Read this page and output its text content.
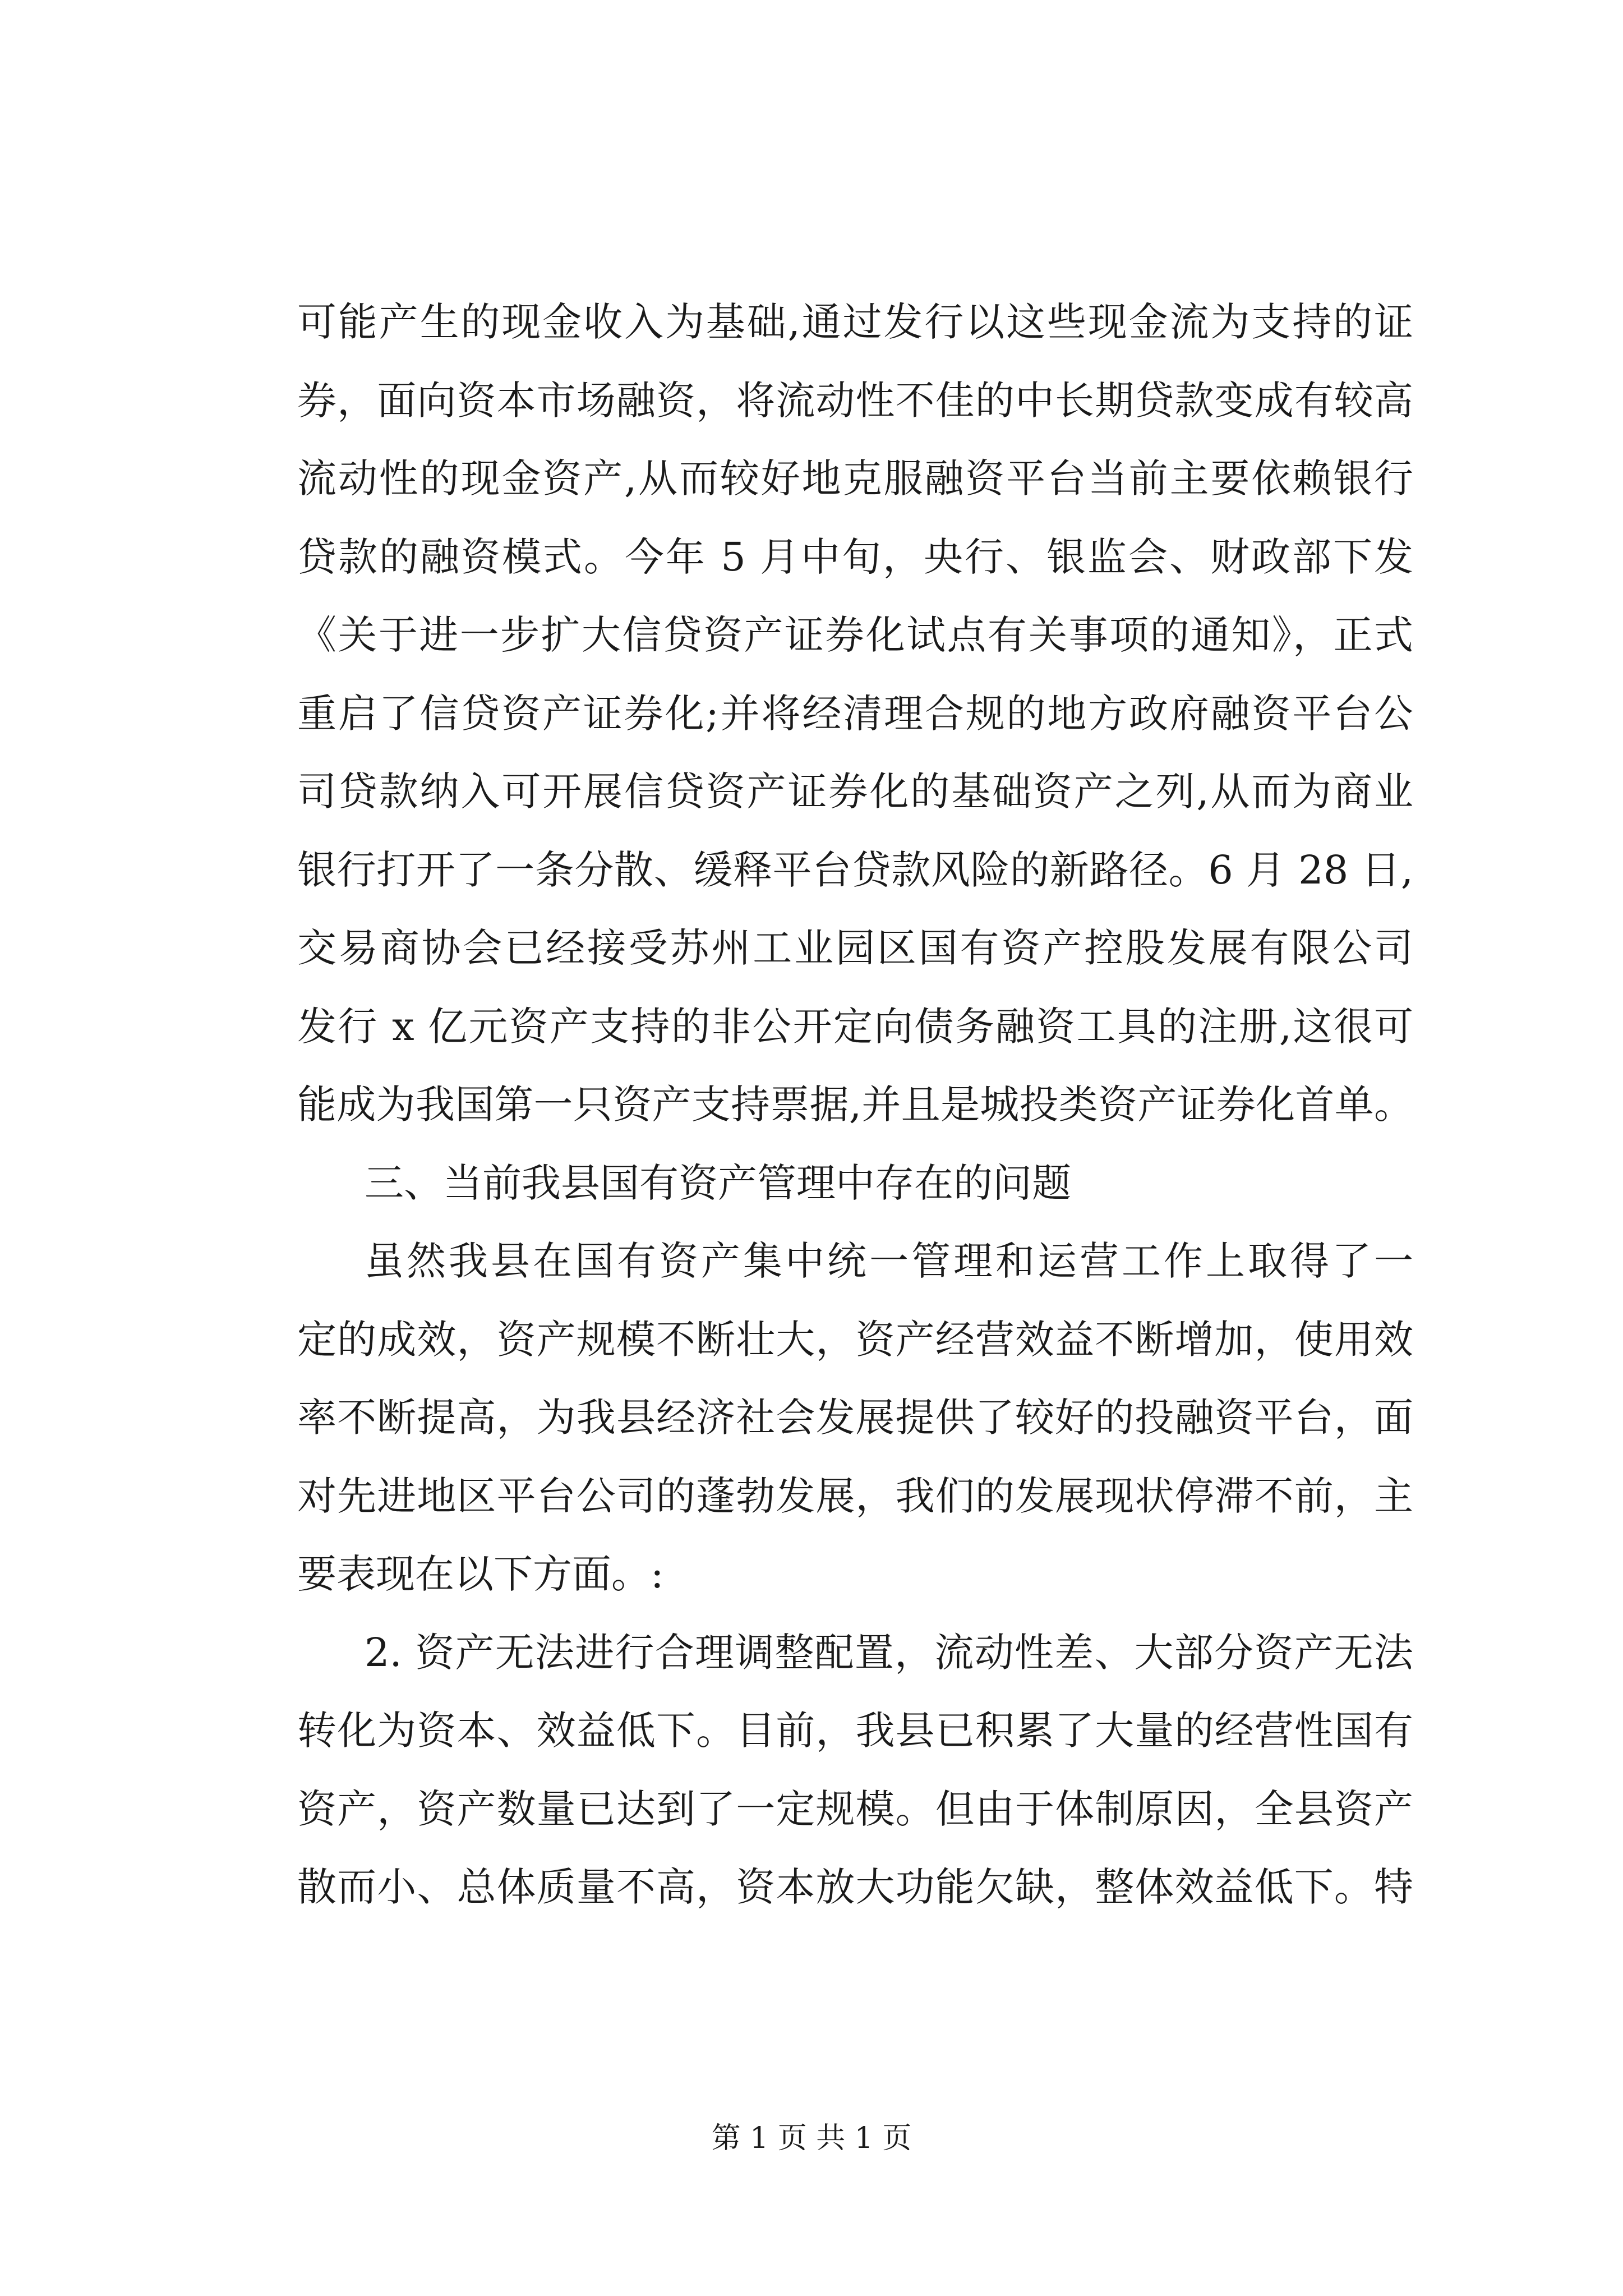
可能产生的现金收入为基础,通过发行以这些现金流为支持的证
券，面向资本市场融资，将流动性不佳的中长期贷款变成有较高
流动性的现金资产,从而较好地克服融资平台当前主要依赖银行
贷款的融资模式。今年 5 月中旬，央行、银监会、财政部下发
《关于进一步扩大信贷资产证券化试点有关事项的通知》，正式
重启了信贷资产证券化;并将经清理合规的地方政府融资平台公
司贷款纳入可开展信贷资产证券化的基础资产之列,从而为商业
银行打开了一条分散、缓释平台贷款风险的新路径。6 月 28 日,
交易商协会已经接受苏州工业园区国有资产控股发展有限公司
发行 x 亿元资产支持的非公开定向债务融资工具的注册,这很可
能成为我国第一只资产支持票据,并且是城投类资产证券化首单。
三、当前我县国有资产管理中存在的问题
虽然我县在国有资产集中统一管理和运营工作上取得了一
定的成效，资产规模不断壮大，资产经营效益不断增加，使用效
率不断提高，为我县经济社会发展提供了较好的投融资平台，面
对先进地区平台公司的蓬勃发展，我们的发展现状停滞不前，主
要表现在以下方面。:
2. 资产无法进行合理调整配置，流动性差、大部分资产无法
转化为资本、效益低下。目前，我县已积累了大量的经营性国有
资产，资产数量已达到了一定规模。但由于体制原因，全县资产
散而小、总体质量不高，资本放大功能欠缺，整体效益低下。特
第 1 页 共 1 页
